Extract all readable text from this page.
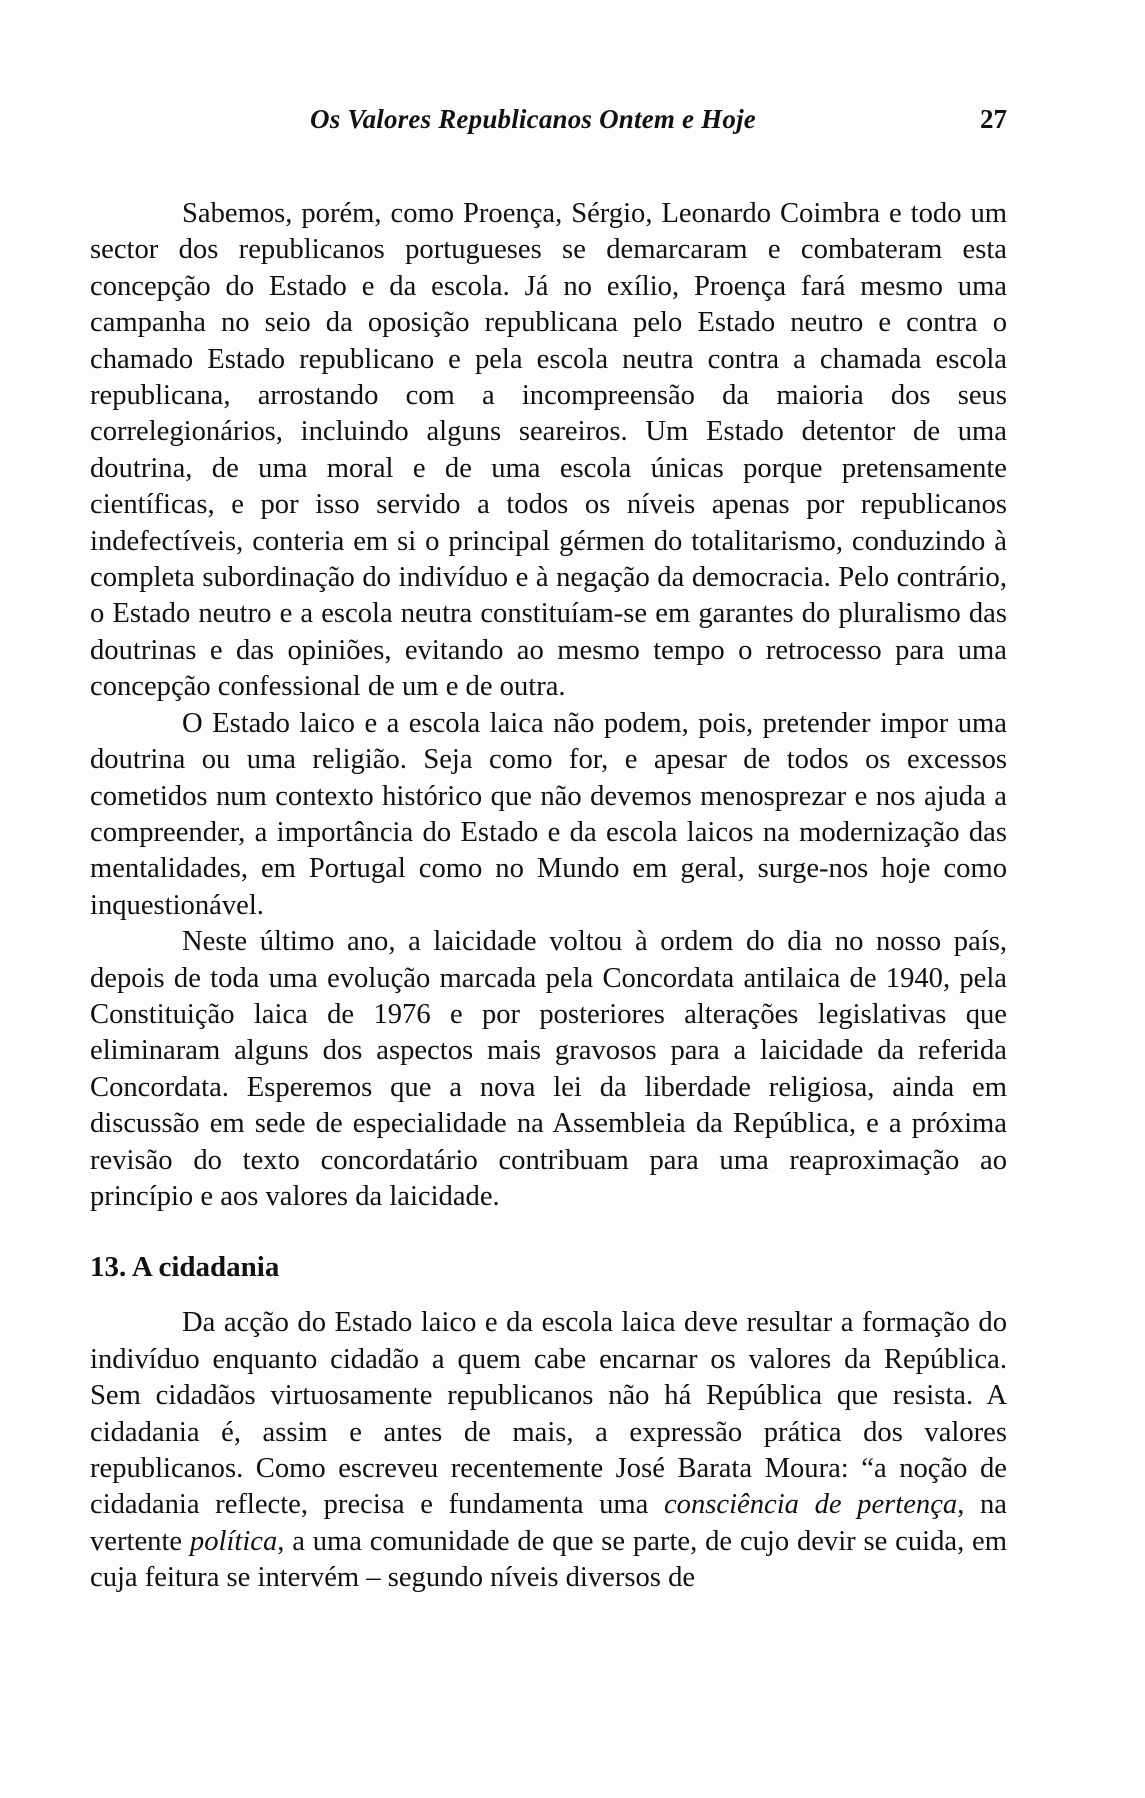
Os Valores Republicanos Ontem e Hoje	27

Sabemos, porém, como Proença, Sérgio, Leonardo Coimbra e todo um sector dos republicanos portugueses se demarcaram e combateram esta concepção do Estado e da escola. Já no exílio, Proença fará mesmo uma campanha no seio da oposição republicana pelo Estado neutro e contra o chamado Estado republicano e pela escola neutra contra a chamada escola republicana, arrostando com a incompreensão da maioria dos seus correlegionários, incluindo alguns seareiros. Um Estado detentor de uma doutrina, de uma moral e de uma escola únicas porque pretensamente científicas, e por isso servido a todos os níveis apenas por republicanos indefectíveis, conteria em si o principal gérmen do totalitarismo, conduzindo à completa subordinação do indivíduo e à negação da democracia. Pelo contrário, o Estado neutro e a escola neutra constituíam-se em garantes do pluralismo das doutrinas e das opiniões, evitando ao mesmo tempo o retrocesso para uma concepção confessional de um e de outra.

O Estado laico e a escola laica não podem, pois, pretender impor uma doutrina ou uma religião. Seja como for, e apesar de todos os excessos cometidos num contexto histórico que não devemos menosprezar e nos ajuda a compreender, a importância do Estado e da escola laicos na modernização das mentalidades, em Portugal como no Mundo em geral, surge-nos hoje como inquestionável.

Neste último ano, a laicidade voltou à ordem do dia no nosso país, depois de toda uma evolução marcada pela Concordata antilaica de 1940, pela Constituição laica de 1976 e por posteriores alterações legislativas que eliminaram alguns dos aspectos mais gravosos para a laicidade da referida Concordata. Esperemos que a nova lei da liberdade religiosa, ainda em discussão em sede de especialidade na Assembleia da República, e a próxima revisão do texto concordatário contribuam para uma reaproximação ao princípio e aos valores da laicidade.

13. A cidadania

Da acção do Estado laico e da escola laica deve resultar a formação do indivíduo enquanto cidadão a quem cabe encarnar os valores da República. Sem cidadãos virtuosamente republicanos não há República que resista. A cidadania é, assim e antes de mais, a expressão prática dos valores republicanos. Como escreveu recentemente José Barata Moura: “a noção de cidadania reflecte, precisa e fundamenta uma consciência de pertença, na vertente política, a uma comunidade de que se parte, de cujo devir se cuida, em cuja feitura se intervém – segundo níveis diversos de
